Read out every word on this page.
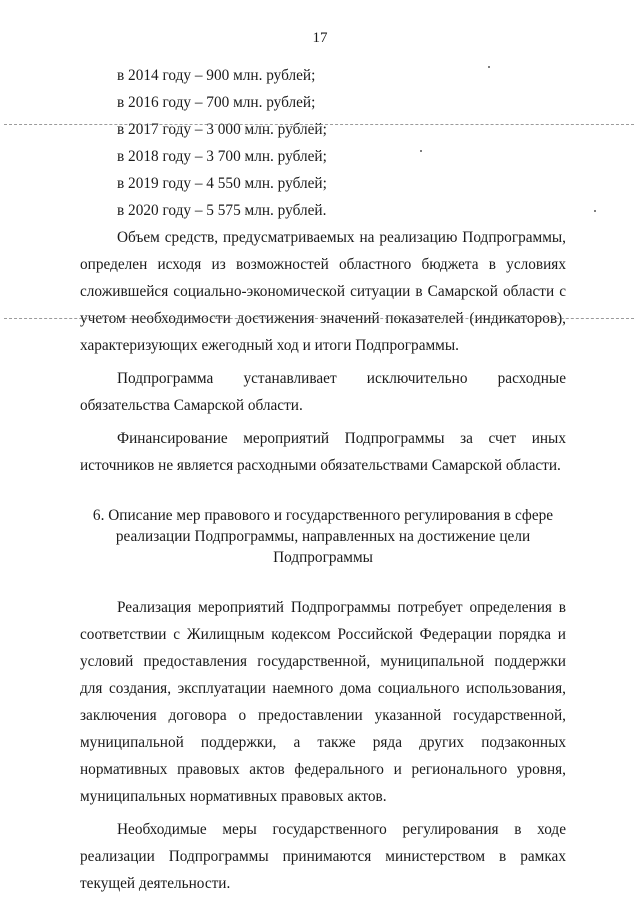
17
в 2014 году – 900 млн. рублей;
в 2016 году – 700 млн. рублей;
в 2017 году – 3 000 млн. рублей;
в 2018 году – 3 700 млн. рублей;
в 2019 году – 4 550 млн. рублей;
в 2020 году – 5 575 млн. рублей.

Объем средств, предусматриваемых на реализацию Подпрограммы, определен исходя из возможностей областного бюджета в условиях сложившейся социально-экономической ситуации в Самарской области с учетом необходимости достижения значений показателей (индикаторов), характеризующих ежегодный ход и итоги Подпрограммы.

Подпрограмма устанавливает исключительно расходные обязательства Самарской области.

Финансирование мероприятий Подпрограммы за счет иных источников не является расходными обязательствами Самарской области.

6. Описание мер правового и государственного регулирования в сфере реализации Подпрограммы, направленных на достижение цели Подпрограммы

Реализация мероприятий Подпрограммы потребует определения в соответствии с Жилищным кодексом Российской Федерации порядка и условий предоставления государственной, муниципальной поддержки для создания, эксплуатации наемного дома социального использования, заключения договора о предоставлении указанной государственной, муниципальной поддержки, а также ряда других подзаконных нормативных правовых актов федерального и регионального уровня, муниципальных нормативных правовых актов.

Необходимые меры государственного регулирования в ходе реализации Подпрограммы принимаются министерством в рамках текущей деятельности.
